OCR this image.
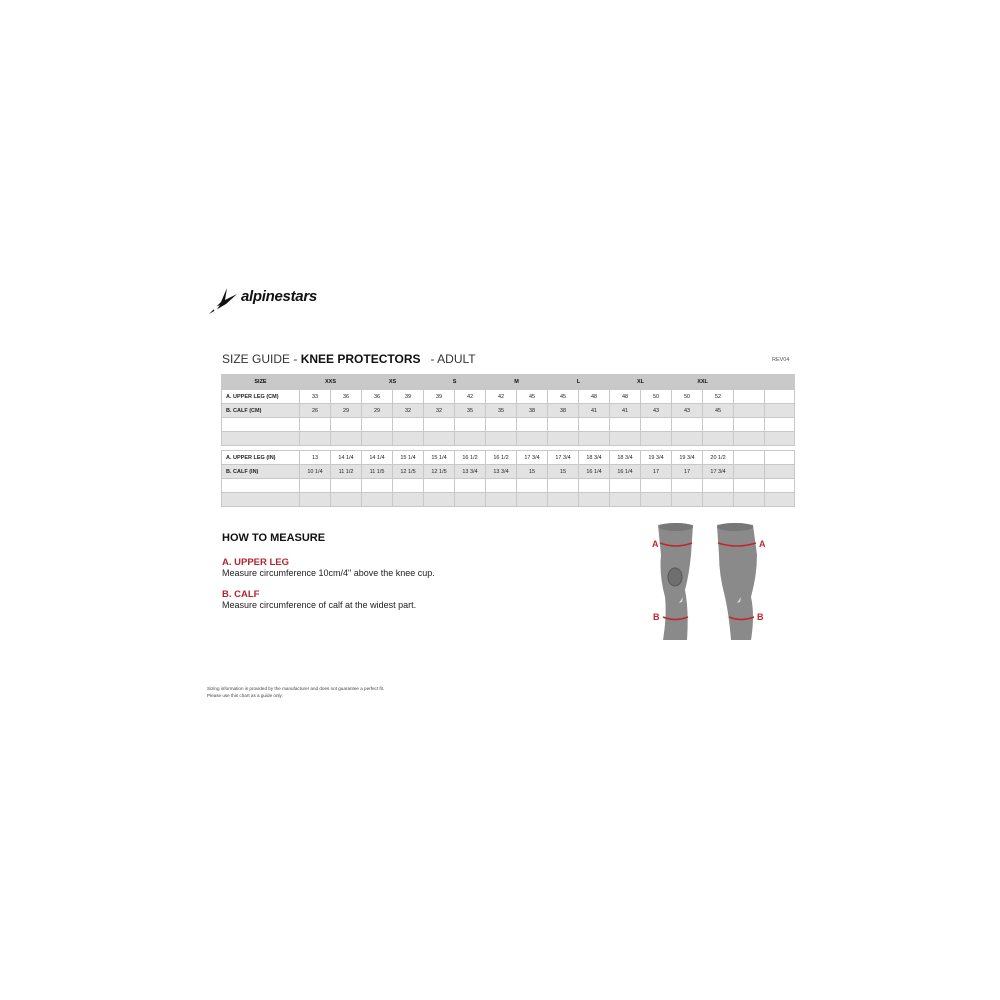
alpinestars
SIZE GUIDE - KNEE PROTECTORS - ADULT	REV04
SIZE	XXS		XS		S		M		L		XL		XXL			
A. UPPER LEG (CM)	33	36	36	39	39	42	42	45	45	48	48	50	50	52		
B. CALF (CM)	26	29	29	32	32	35	35	38	38	41	41	43	43	45		

A. UPPER LEG (IN)	13	14 1/4	14 1/4	15 1/4	15 1/4	16 1/2	16 1/2	17 3/4	17 3/4	18 3/4	18 3/4	19 3/4	19 3/4	20 1/2		
B. CALF (IN)	10 1/4	11 1/2	11 1/5	12 1/5	12 1/5	13 3/4	13 3/4	15	15	16 1/4	16 1/4	17	17	17 3/4		

HOW TO MEASURE
A. UPPER LEG
Measure circumference 10cm/4" above the knee cup.
B. CALF
Measure circumference of calf at the widest part.
A	A
B	B
Sizing information is provided by the manufacturer and does not guarantee a perfect fit.
Please use this chart as a guide only.
